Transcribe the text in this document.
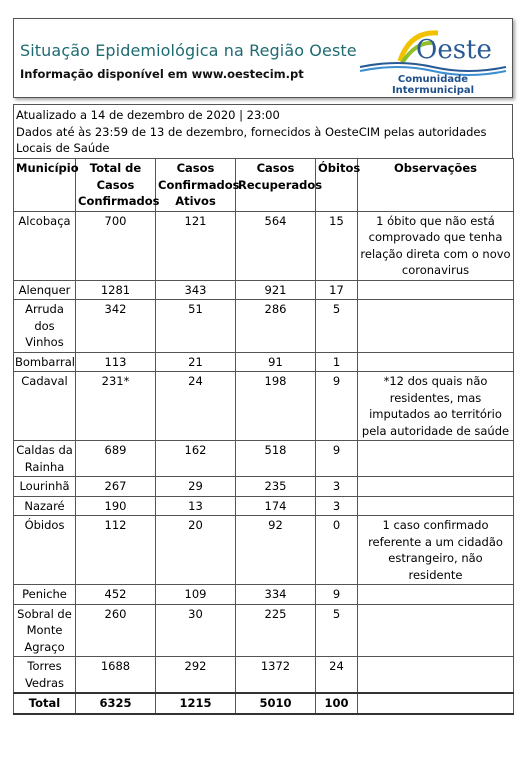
Situação Epidemiológica na Região Oeste
Informação disponível em www.oestecim.pt
Oeste
Comunidade Intermunicipal
Atualizado a 14 de dezembro de 2020 | 23:00
Dados até às 23:59 de 13 de dezembro, fornecidos à OesteCIM pelas autoridades Locais de Saúde
Município	Total de Casos Confirmados	Casos Confirmados Ativos	Casos Recuperados	Óbitos	Observações
Alcobaça	700	121	564	15	1 óbito que não está comprovado que tenha relação direta com o novo coronavirus
Alenquer	1281	343	921	17	
Arruda dos Vinhos	342	51	286	5	
Bombarral	113	21	91	1	
Cadaval	231*	24	198	9	*12 dos quais não residentes, mas imputados ao território pela autoridade de saúde
Caldas da Rainha	689	162	518	9	
Lourinhã	267	29	235	3	
Nazaré	190	13	174	3	
Óbidos	112	20	92	0	1 caso confirmado referente a um cidadão estrangeiro, não residente
Peniche	452	109	334	9	
Sobral de Monte Agraço	260	30	225	5	
Torres Vedras	1688	292	1372	24	
Total	6325	1215	5010	100	
